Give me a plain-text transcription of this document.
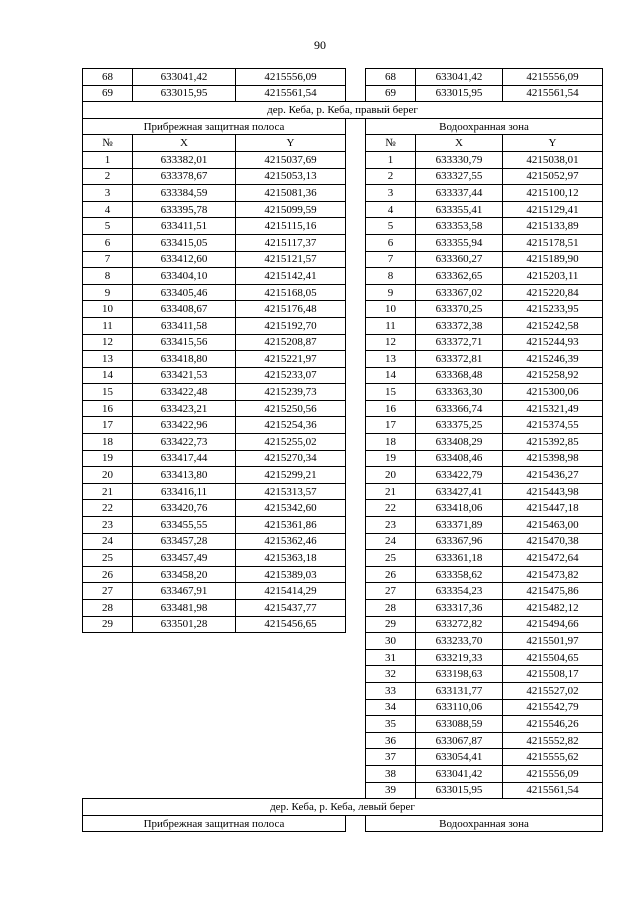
90
68	633041,42	4215556,09		68	633041,42	4215556,09
69	633015,95	4215561,54		69	633015,95	4215561,54
дер. Кеба, р. Кеба, правый берег						
Прибрежная защитная полоса				Водоохранная зона		
№	X	Y		№	X	Y
1	633382,01	4215037,69		1	633330,79	4215038,01
2	633378,67	4215053,13		2	633327,55	4215052,97
3	633384,59	4215081,36		3	633337,44	4215100,12
4	633395,78	4215099,59		4	633355,41	4215129,41
5	633411,51	4215115,16		5	633353,58	4215133,89
6	633415,05	4215117,37		6	633355,94	4215178,51
7	633412,60	4215121,57		7	633360,27	4215189,90
8	633404,10	4215142,41		8	633362,65	4215203,11
9	633405,46	4215168,05		9	633367,02	4215220,84
10	633408,67	4215176,48		10	633370,25	4215233,95
11	633411,58	4215192,70		11	633372,38	4215242,58
12	633415,56	4215208,87		12	633372,71	4215244,93
13	633418,80	4215221,97		13	633372,81	4215246,39
14	633421,53	4215233,07		14	633368,48	4215258,92
15	633422,48	4215239,73		15	633363,30	4215300,06
16	633423,21	4215250,56		16	633366,74	4215321,49
17	633422,96	4215254,36		17	633375,25	4215374,55
18	633422,73	4215255,02		18	633408,29	4215392,85
19	633417,44	4215270,34		19	633408,46	4215398,98
20	633413,80	4215299,21		20	633422,79	4215436,27
21	633416,11	4215313,57		21	633427,41	4215443,98
22	633420,76	4215342,60		22	633418,06	4215447,18
23	633455,55	4215361,86		23	633371,89	4215463,00
24	633457,28	4215362,46		24	633367,96	4215470,38
25	633457,49	4215363,18		25	633361,18	4215472,64
26	633458,20	4215389,03		26	633358,62	4215473,82
27	633467,91	4215414,29		27	633354,23	4215475,86
28	633481,98	4215437,77		28	633317,36	4215482,12
29	633501,28	4215456,65		29	633272,82	4215494,66
				30	633233,70	4215501,97
				31	633219,33	4215504,65
				32	633198,63	4215508,17
				33	633131,77	4215527,02
				34	633110,06	4215542,79
				35	633088,59	4215546,26
				36	633067,87	4215552,82
				37	633054,41	4215555,62
				38	633041,42	4215556,09
				39	633015,95	4215561,54
дер. Кеба, р. Кеба, левый берег						
Прибрежная защитная полоса				Водоохранная зона		
